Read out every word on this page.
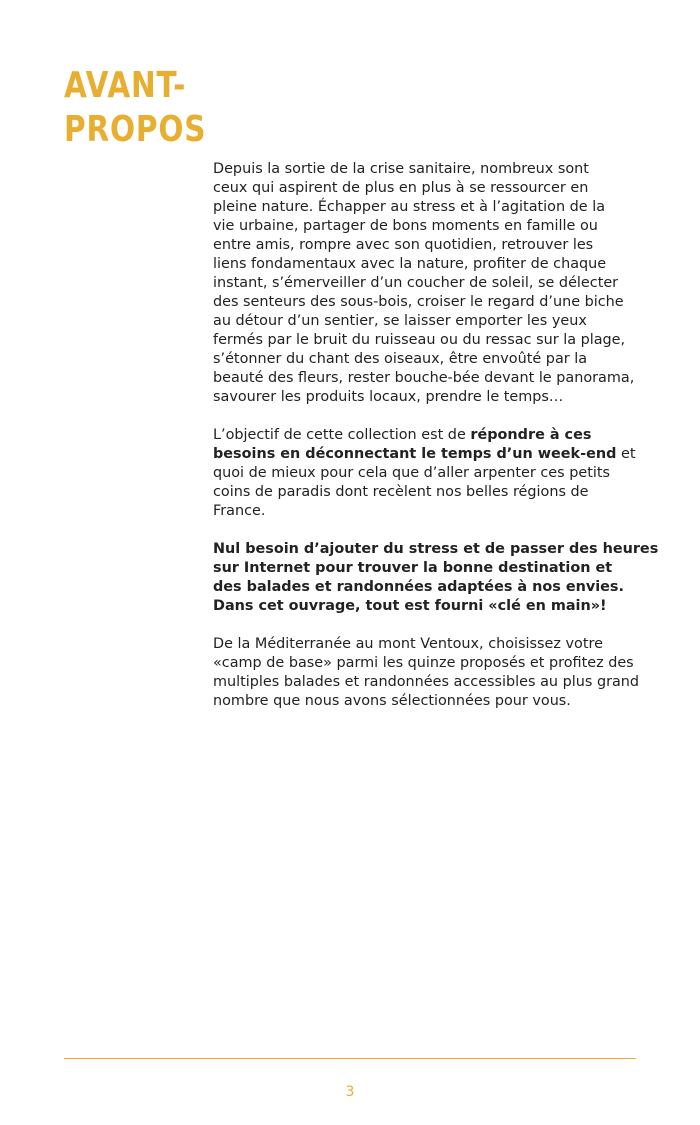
AVANT-
PROPOS

Depuis la sortie de la crise sanitaire, nombreux sont
ceux qui aspirent de plus en plus à se ressourcer en
pleine nature. Échapper au stress et à l’agitation de la
vie urbaine, partager de bons moments en famille ou
entre amis, rompre avec son quotidien, retrouver les
liens fondamentaux avec la nature, profiter de chaque
instant, s’émerveiller d’un coucher de soleil, se délecter
des senteurs des sous-bois, croiser le regard d’une biche
au détour d’un sentier, se laisser emporter les yeux
fermés par le bruit du ruisseau ou du ressac sur la plage,
s’étonner du chant des oiseaux, être envoûté par la
beauté des fleurs, rester bouche-bée devant le panorama,
savourer les produits locaux, prendre le temps…

L’objectif de cette collection est de répondre à ces
besoins en déconnectant le temps d’un week-end et
quoi de mieux pour cela que d’aller arpenter ces petits
coins de paradis dont recèlent nos belles régions de
France.

Nul besoin d’ajouter du stress et de passer des heures
sur Internet pour trouver la bonne destination et
des balades et randonnées adaptées à nos envies.
Dans cet ouvrage, tout est fourni «clé en main»!

De la Méditerranée au mont Ventoux, choisissez votre
«camp de base» parmi les quinze proposés et profitez des
multiples balades et randonnées accessibles au plus grand
nombre que nous avons sélectionnées pour vous.

3
